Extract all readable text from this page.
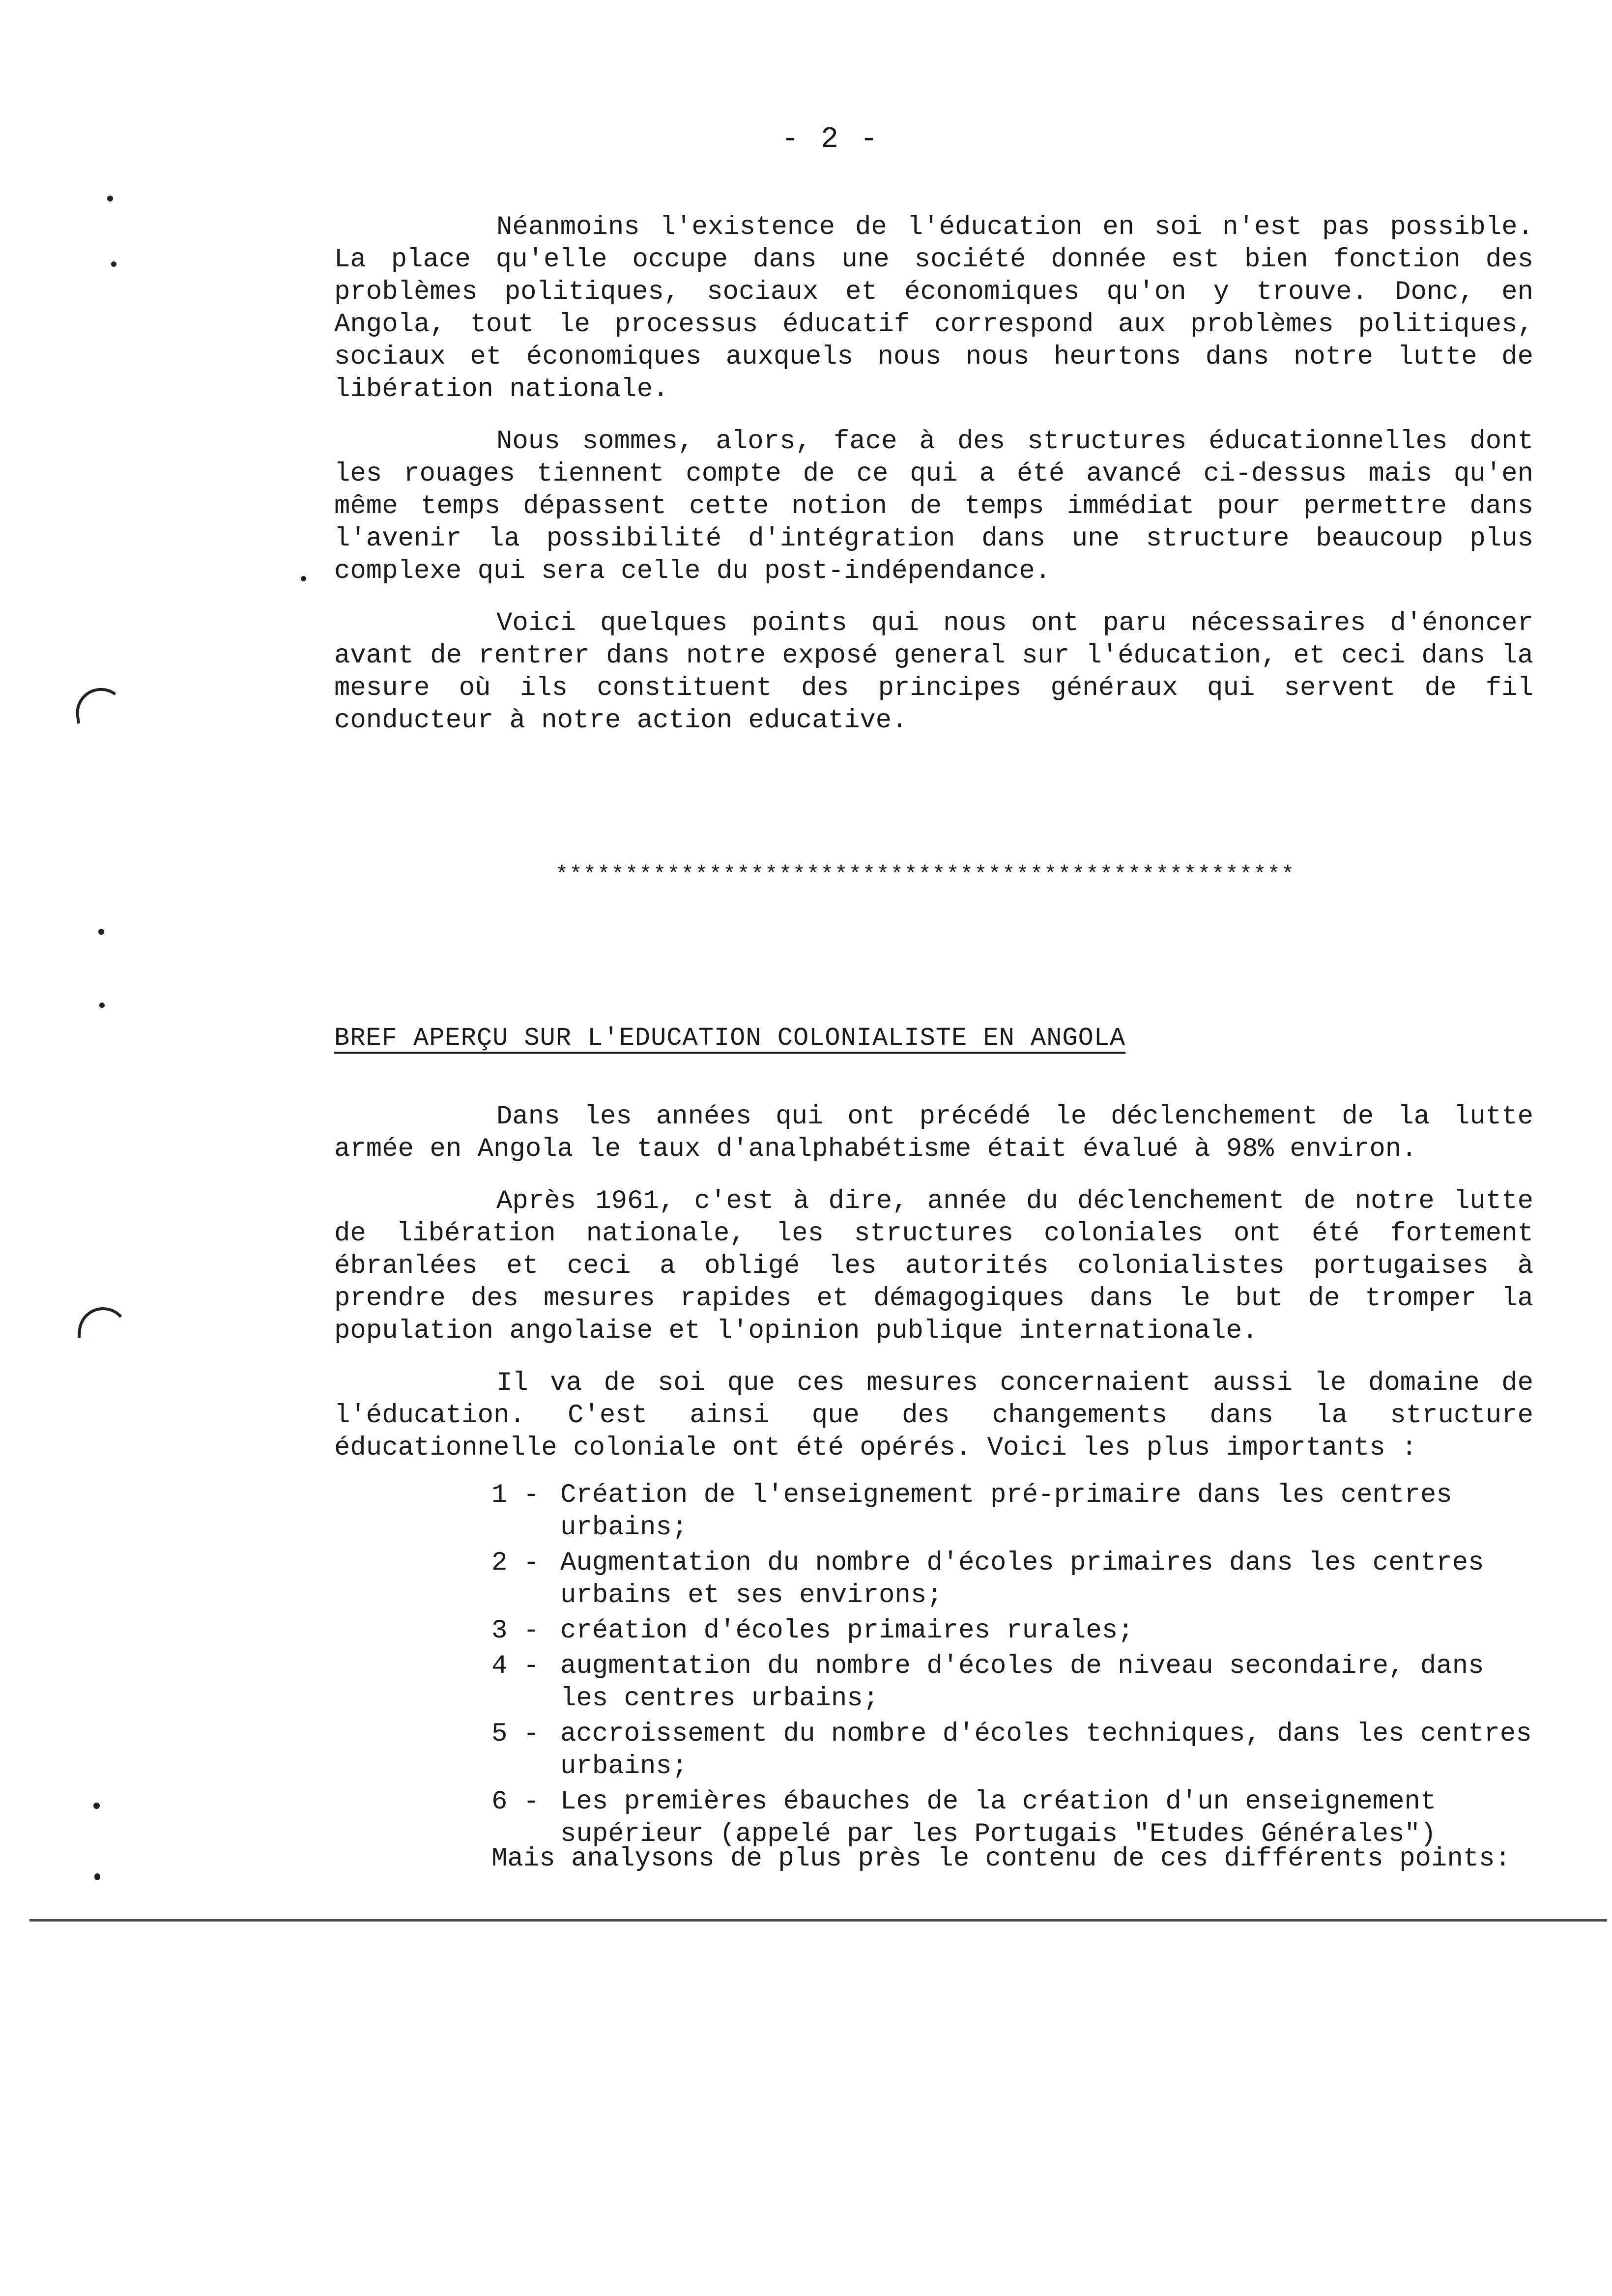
- 2 -

Néanmoins l'existence de l'éducation en soi n'est pas possible. La place qu'elle occupe dans une société donnée est bien fonction des problèmes politiques, sociaux et économiques qu'on y trouve. Donc, en Angola, tout le processus éducatif correspond aux problèmes politiques, sociaux et économiques auxquels nous nous heurtons dans notre lutte de libération nationale.

Nous sommes, alors, face à des structures éducationnelles dont les rouages tiennent compte de ce qui a été avancé ci-dessus mais qu'en même temps dépassent cette notion de temps immédiat pour permettre dans l'avenir la possibilité d'intégration dans une structure beaucoup plus complexe qui sera celle du post-indépendance.

Voici quelques points qui nous ont paru nécessaires d'énoncer avant de rentrer dans notre exposé general sur l'éducation, et ceci dans la mesure où ils constituent des principes généraux qui servent de fil conducteur à notre action educative.

*****************************************************
BREF APERÇU SUR L'EDUCATION COLONIALISTE EN ANGOLA

Dans les années qui ont précédé le déclenchement de la lutte armée en Angola le taux d'analphabétisme était évalué à 98% environ.

Après 1961, c'est à dire, année du déclenchement de notre lutte de libération nationale, les structures coloniales ont été fortement ébranlées et ceci a obligé les autorités colonialistes portugaises à prendre des mesures rapides et démagogiques dans le but de tromper la population angolaise et l'opinion publique internationale.

Il va de soi que ces mesures concernaient aussi le domaine de l'éducation. C'est ainsi que des changements dans la structure éducationnelle coloniale ont été opérés. Voici les plus importants :

1 - Création de l'enseignement pré-primaire dans les centres urbains;
2 - Augmentation du nombre d'écoles primaires dans les centres urbains et ses environs;
3 - création d'écoles primaires rurales;
4 - augmentation du nombre d'écoles de niveau secondaire, dans les centres urbains;
5 - accroissement du nombre d'écoles techniques, dans les centres urbains;
6 - Les premières ébauches de la création d'un enseignement supérieur (appelé par les Portugais "Etudes Générales")
Mais analysons de plus près le contenu de ces différents points:
